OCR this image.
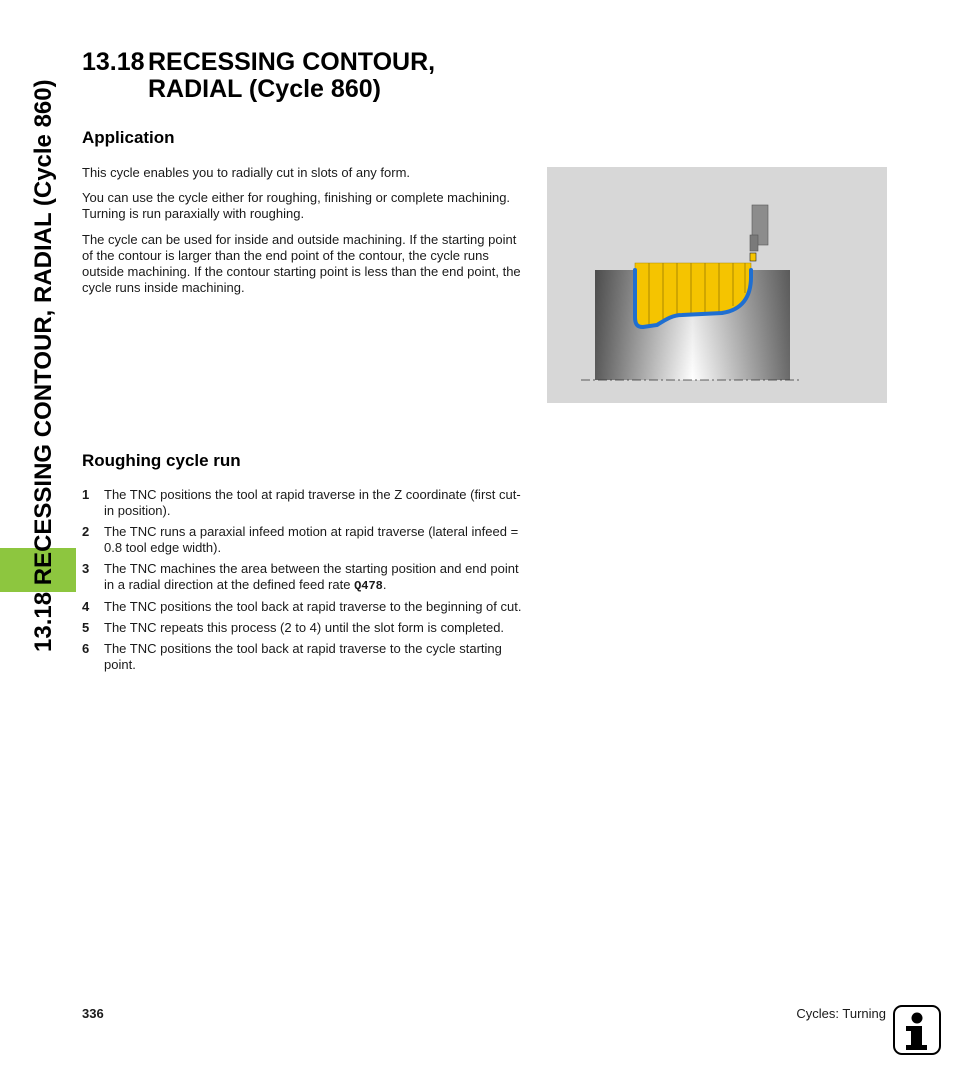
13.18 RECESSING CONTOUR, RADIAL (Cycle 860)
13.18 RECESSING CONTOUR,
RADIAL (Cycle 860)
Application

This cycle enables you to radially cut in slots of any form.

You can use the cycle either for roughing, finishing or complete machining. Turning is run paraxially with roughing.

The cycle can be used for inside and outside machining. If the starting point of the contour is larger than the end point of the contour, the cycle runs outside machining. If the contour starting point is less than the end point, the cycle runs inside machining.

Roughing cycle run
1 The TNC positions the tool at rapid traverse in the Z coordinate (first cut-in position).
2 The TNC runs a paraxial infeed motion at rapid traverse (lateral infeed = 0.8 tool edge width).
3 The TNC machines the area between the starting position and end point in a radial direction at the defined feed rate Q478.
4 The TNC positions the tool back at rapid traverse to the beginning of cut.
5 The TNC repeats this process (2 to 4) until the slot form is completed.
6 The TNC positions the tool back at rapid traverse to the cycle starting point.
336	Cycles: Turning
